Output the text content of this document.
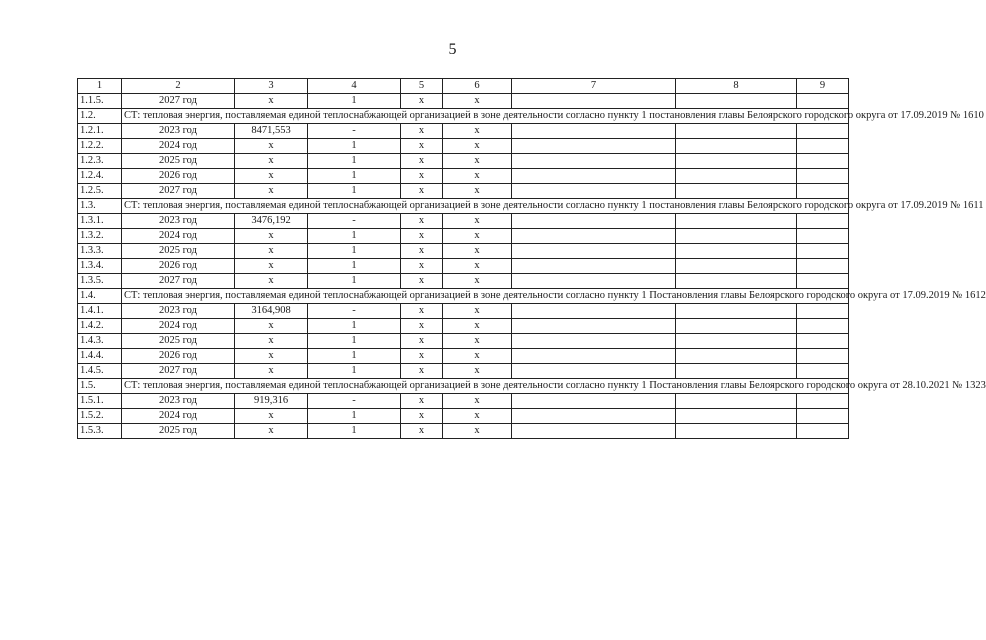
5
1	2	3	4	5	6	7	8	9
1.1.5.	2027 год	x	1	x	x			
1.2.	СТ: тепловая энергия, поставляемая единой теплоснабжающей организацией в зоне деятельности согласно пункту 1 постановления главы Белоярского городского округа от 17.09.2019 № 1610							
1.2.1.	2023 год	8471,553	-	x	x			
1.2.2.	2024 год	x	1	x	x			
1.2.3.	2025 год	x	1	x	x			
1.2.4.	2026 год	x	1	x	x			
1.2.5.	2027 год	x	1	x	x			
1.3.	СТ: тепловая энергия, поставляемая единой теплоснабжающей организацией в зоне деятельности согласно пункту 1 постановления главы Белоярского городского округа от 17.09.2019 № 1611							
1.3.1.	2023 год	3476,192	-	x	x			
1.3.2.	2024 год	x	1	x	x			
1.3.3.	2025 год	x	1	x	x			
1.3.4.	2026 год	x	1	x	x			
1.3.5.	2027 год	x	1	x	x			
1.4.	СТ: тепловая энергия, поставляемая единой теплоснабжающей организацией в зоне деятельности согласно пункту 1 Постановления главы Белоярского городского округа от 17.09.2019 № 1612							
1.4.1.	2023 год	3164,908	-	x	x			
1.4.2.	2024 год	x	1	x	x			
1.4.3.	2025 год	x	1	x	x			
1.4.4.	2026 год	x	1	x	x			
1.4.5.	2027 год	x	1	x	x			
1.5.	СТ: тепловая энергия, поставляемая единой теплоснабжающей организацией в зоне деятельности согласно пункту 1 Постановления главы Белоярского городского округа от 28.10.2021 № 1323							
1.5.1.	2023 год	919,316	-	x	x			
1.5.2.	2024 год	x	1	x	x			
1.5.3.	2025 год	x	1	x	x			
